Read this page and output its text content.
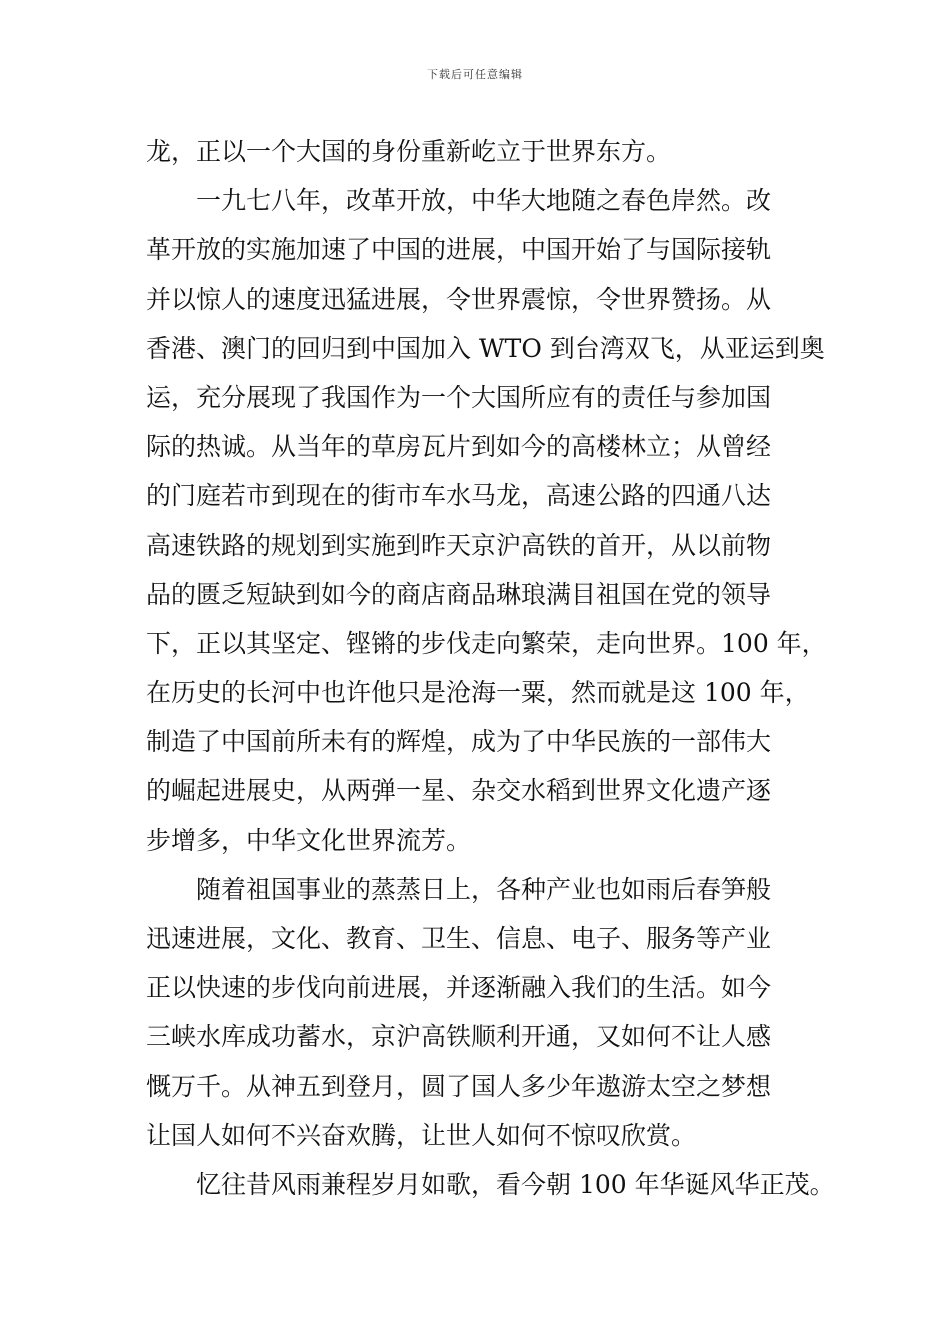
下载后可任意编辑
龙，正以一个大国的身份重新屹立于世界东方。
一九七八年，改革开放，中华大地随之春色岸然。改
革开放的实施加速了中国的进展，中国开始了与国际接轨
并以惊人的速度迅猛进展，令世界震惊，令世界赞扬。从
香港、澳门的回归到中国加入 WTO 到台湾双飞，从亚运到奥
运，充分展现了我国作为一个大国所应有的责任与参加国
际的热诚。从当年的草房瓦片到如今的高楼林立；从曾经
的门庭若市到现在的街市车水马龙，高速公路的四通八达
高速铁路的规划到实施到昨天京沪高铁的首开，从以前物
品的匮乏短缺到如今的商店商品琳琅满目祖国在党的领导
下，正以其坚定、铿锵的步伐走向繁荣，走向世界。100 年，
在历史的长河中也许他只是沧海一粟，然而就是这 100 年，
制造了中国前所未有的辉煌，成为了中华民族的一部伟大
的崛起进展史，从两弹一星、杂交水稻到世界文化遗产逐
步增多，中华文化世界流芳。
随着祖国事业的蒸蒸日上，各种产业也如雨后春笋般
迅速进展，文化、教育、卫生、信息、电子、服务等产业
正以快速的步伐向前进展，并逐渐融入我们的生活。如今
三峡水库成功蓄水，京沪高铁顺利开通，又如何不让人感
慨万千。从神五到登月，圆了国人多少年遨游太空之梦想
让国人如何不兴奋欢腾，让世人如何不惊叹欣赏。
忆往昔风雨兼程岁月如歌，看今朝 100 年华诞风华正茂。
